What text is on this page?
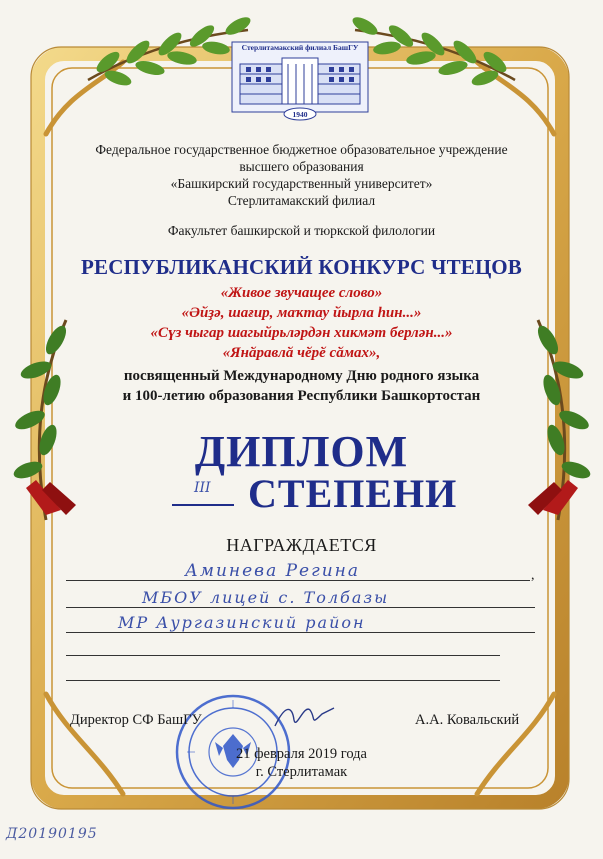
Стерлитамакский филиал БашГУ
1940
Федеральное государственное бюджетное образовательное учреждение
высшего образования
«Башкирский государственный университет»
Стерлитамакский филиал
Факультет башкирской и тюркской филологии
РЕСПУБЛИКАНСКИЙ КОНКУРС ЧТЕЦОВ
«Живое звучащее слово»
«Әйҙә, шағир, маҡтау йырла һин...»
«Сүз чыгар шагыйрьләрдән хикмәт берлән...»
«Янӑравлӑ чӗрӗ сӑмах»,
посвященный Международному Дню родного языка
и 100-летию образования Республики Башкортостан
ДИПЛОМ
III СТЕПЕНИ
НАГРАЖДАЕТСЯ
,
Аминева Регина
МБОУ лицей с. Толбазы
МР Аургазинский район
Директор СФ БашГУ	А.А. Ковальский
21 февраля 2019 года
г. Стерлитамак
Д20190195
